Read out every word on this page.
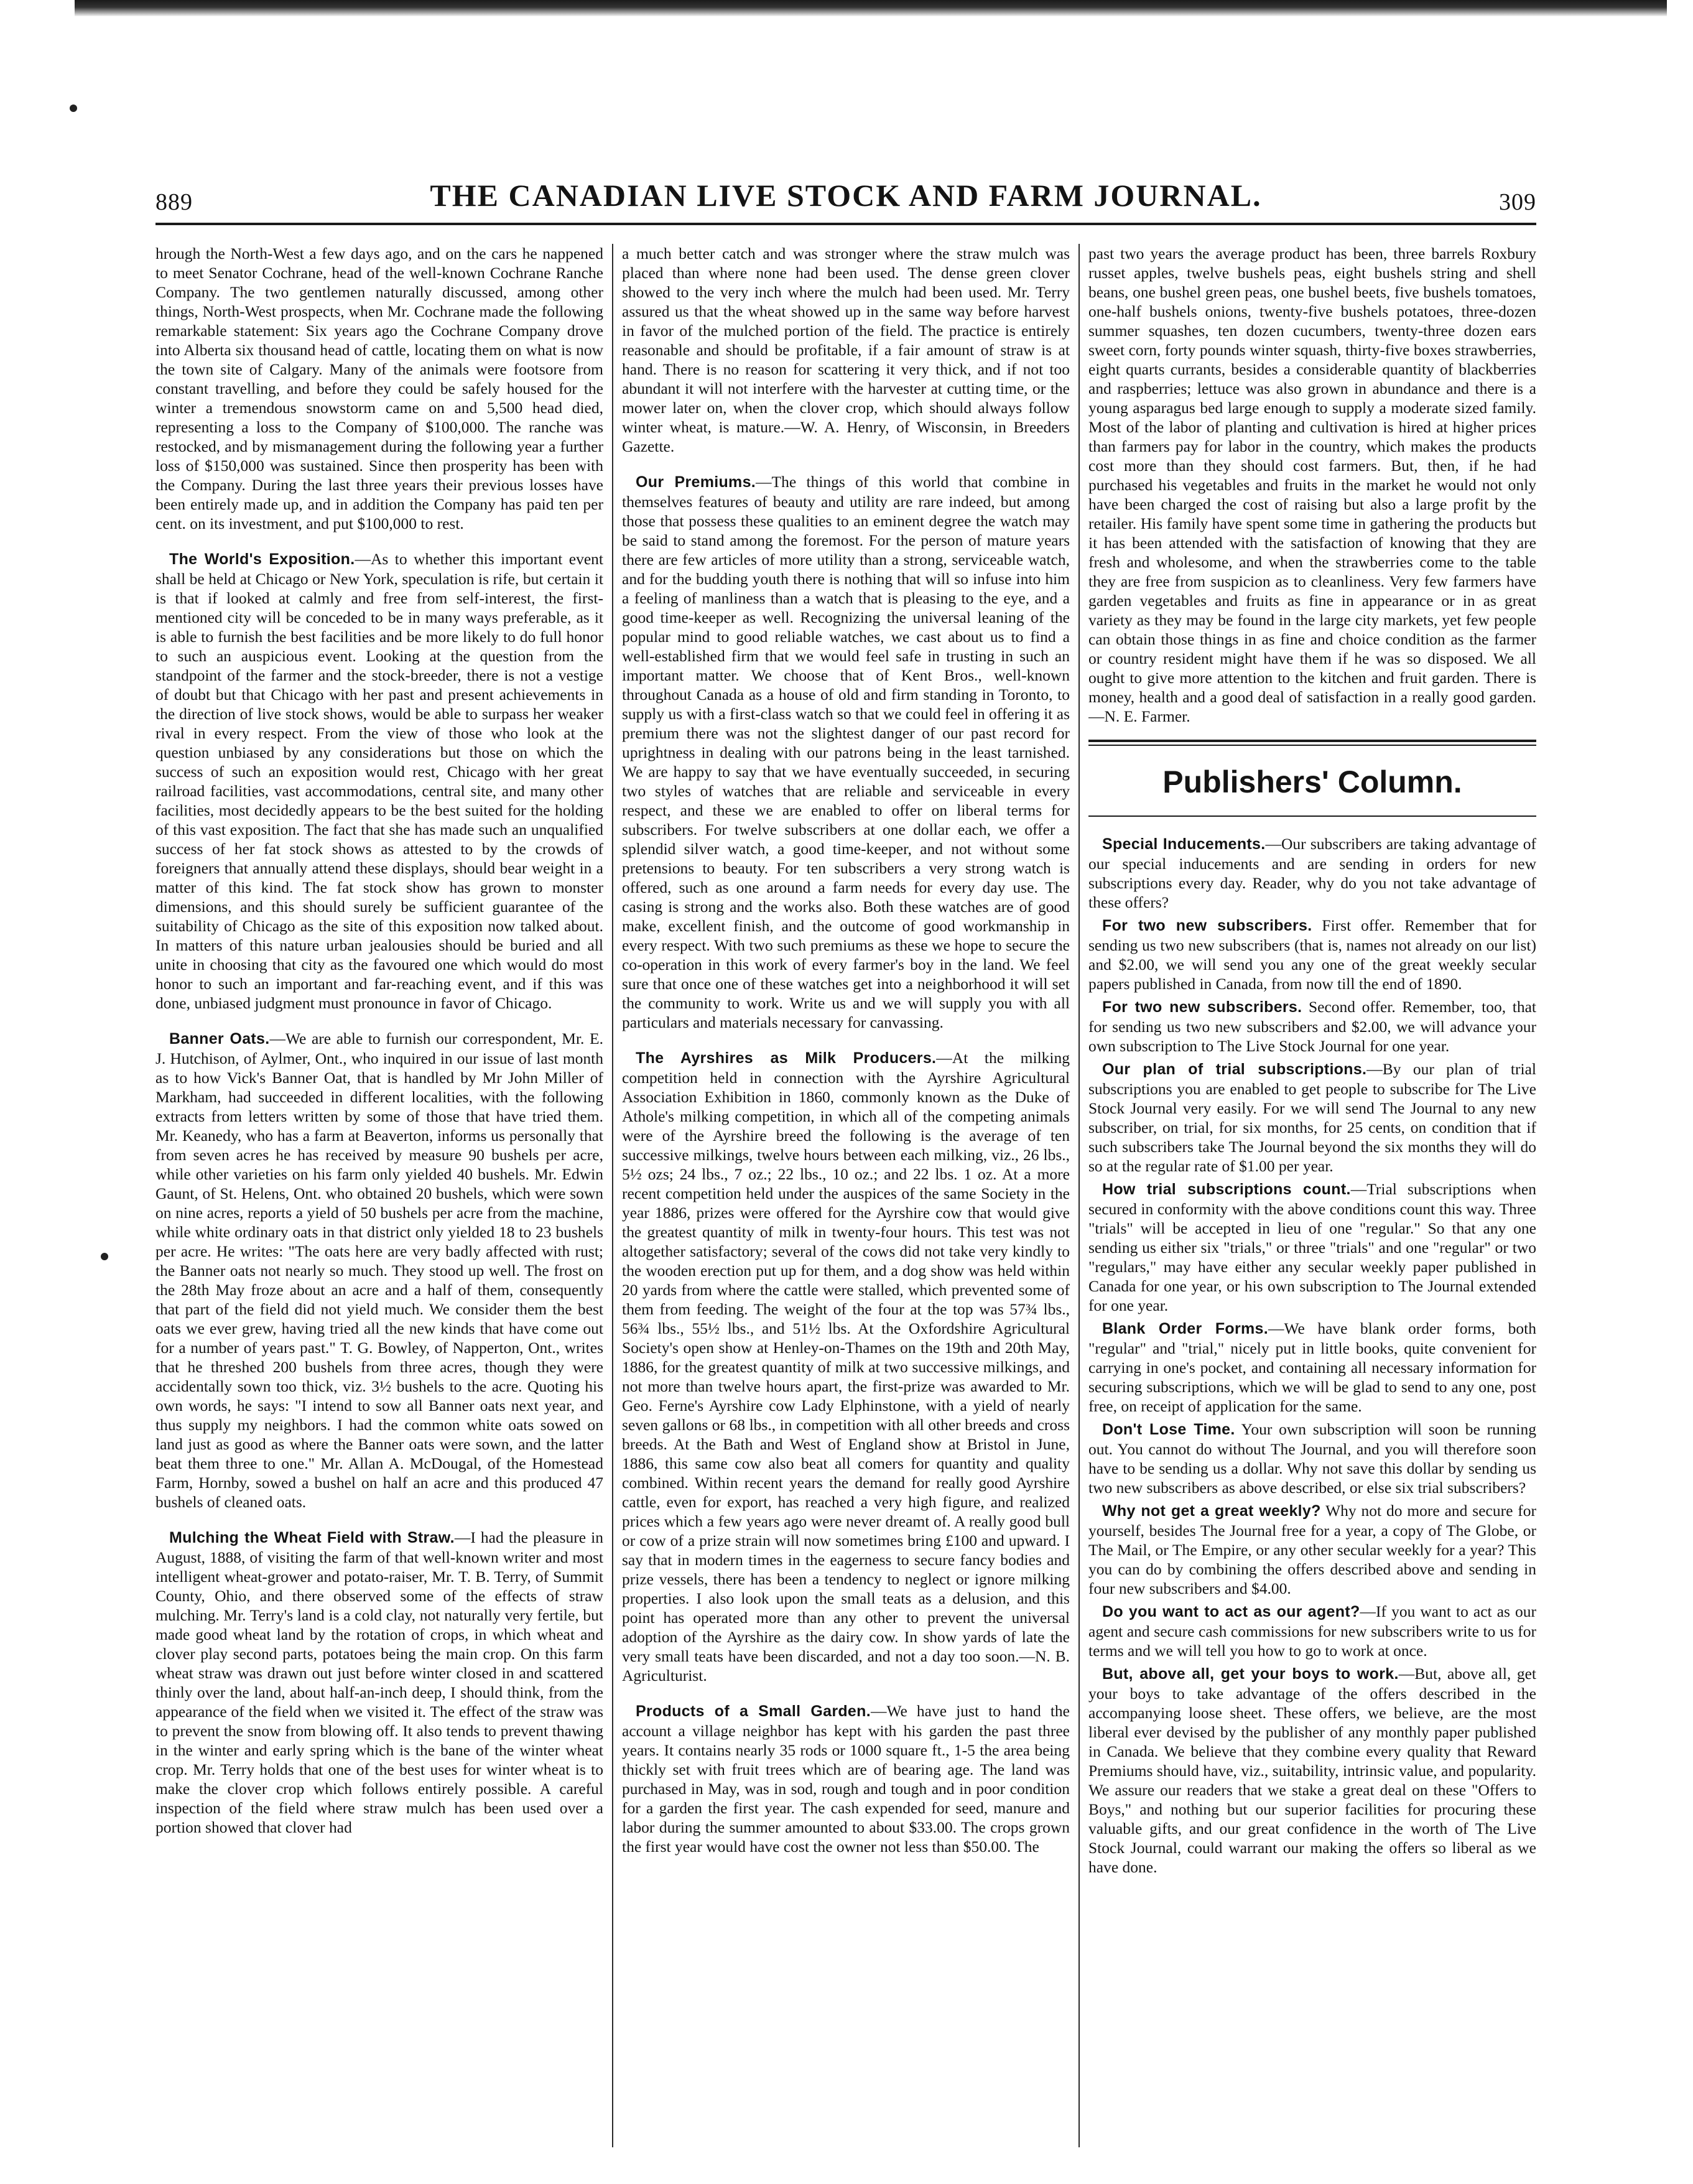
889	THE CANADIAN LIVE STOCK AND FARM JOURNAL.	309

hrough the North-West a few days ago, and on the cars he nappened to meet Senator Cochrane, head of the well-known Cochrane Ranche Company. The two gentlemen naturally discussed, among other things, North-West prospects, when Mr. Cochrane made the following remarkable statement: Six years ago the Cochrane Company drove into Alberta six thousand head of cattle, locating them on what is now the town site of Calgary. Many of the animals were footsore from constant travelling, and before they could be safely housed for the winter a tremendous snowstorm came on and 5,500 head died, representing a loss to the Company of $100,000. The ranche was restocked, and by mismanagement during the following year a further loss of $150,000 was sustained. Since then prosperity has been with the Company. During the last three years their previous losses have been entirely made up, and in addition the Company has paid ten per cent. on its investment, and put $100,000 to rest.

The World's Exposition.—As to whether this important event shall be held at Chicago or New York, speculation is rife, but certain it is that if looked at calmly and free from self-interest, the first-mentioned city will be conceded to be in many ways preferable, as it is able to furnish the best facilities and be more likely to do full honor to such an auspicious event. Looking at the question from the standpoint of the farmer and the stock-breeder, there is not a vestige of doubt but that Chicago with her past and present achievements in the direction of live stock shows, would be able to surpass her weaker rival in every respect. From the view of those who look at the question unbiased by any considerations but those on which the success of such an exposition would rest, Chicago with her great railroad facilities, vast accommodations, central site, and many other facilities, most decidedly appears to be the best suited for the holding of this vast exposition. The fact that she has made such an unqualified success of her fat stock shows as attested to by the crowds of foreigners that annually attend these displays, should bear weight in a matter of this kind. The fat stock show has grown to monster dimensions, and this should surely be sufficient guarantee of the suitability of Chicago as the site of this exposition now talked about. In matters of this nature urban jealousies should be buried and all unite in choosing that city as the favoured one which would do most honor to such an important and far-reaching event, and if this was done, unbiased judgment must pronounce in favor of Chicago.

Banner Oats.—We are able to furnish our correspondent, Mr. E. J. Hutchison, of Aylmer, Ont., who inquired in our issue of last month as to how Vick's Banner Oat, that is handled by Mr John Miller of Markham, had succeeded in different localities, with the following extracts from letters written by some of those that have tried them. Mr. Keanedy, who has a farm at Beaverton, informs us personally that from seven acres he has received by measure 90 bushels per acre, while other varieties on his farm only yielded 40 bushels. Mr. Edwin Gaunt, of St. Helens, Ont. who obtained 20 bushels, which were sown on nine acres, reports a yield of 50 bushels per acre from the machine, while white ordinary oats in that district only yielded 18 to 23 bushels per acre. He writes: "The oats here are very badly affected with rust; the Banner oats not nearly so much. They stood up well. The frost on the 28th May froze about an acre and a half of them, consequently that part of the field did not yield much. We consider them the best oats we ever grew, having tried all the new kinds that have come out for a number of years past." T. G. Bowley, of Napperton, Ont., writes that he threshed 200 bushels from three acres, though they were accidentally sown too thick, viz. 3½ bushels to the acre. Quoting his own words, he says: "I intend to sow all Banner oats next year, and thus supply my neighbors. I had the common white oats sowed on land just as good as where the Banner oats were sown, and the latter beat them three to one." Mr. Allan A. McDougal, of the Homestead Farm, Hornby, sowed a bushel on half an acre and this produced 47 bushels of cleaned oats.

Mulching the Wheat Field with Straw.—I had the pleasure in August, 1888, of visiting the farm of that well-known writer and most intelligent wheat-grower and potato-raiser, Mr. T. B. Terry, of Summit County, Ohio, and there observed some of the effects of straw mulching. Mr. Terry's land is a cold clay, not naturally very fertile, but made good wheat land by the rotation of crops, in which wheat and clover play second parts, potatoes being the main crop. On this farm wheat straw was drawn out just before winter closed in and scattered thinly over the land, about half-an-inch deep, I should think, from the appearance of the field when we visited it. The effect of the straw was to prevent the snow from blowing off. It also tends to prevent thawing in the winter and early spring which is the bane of the winter wheat crop. Mr. Terry holds that one of the best uses for winter wheat is to make the clover crop which follows entirely possible. A careful inspection of the field where straw mulch has been used over a portion showed that clover had

a much better catch and was stronger where the straw mulch was placed than where none had been used. The dense green clover showed to the very inch where the mulch had been used. Mr. Terry assured us that the wheat showed up in the same way before harvest in favor of the mulched portion of the field. The practice is entirely reasonable and should be profitable, if a fair amount of straw is at hand. There is no reason for scattering it very thick, and if not too abundant it will not interfere with the harvester at cutting time, or the mower later on, when the clover crop, which should always follow winter wheat, is mature.—W. A. Henry, of Wisconsin, in Breeders Gazette.

Our Premiums.—The things of this world that combine in themselves features of beauty and utility are rare indeed, but among those that possess these qualities to an eminent degree the watch may be said to stand among the foremost. For the person of mature years there are few articles of more utility than a strong, serviceable watch, and for the budding youth there is nothing that will so infuse into him a feeling of manliness than a watch that is pleasing to the eye, and a good time-keeper as well. Recognizing the universal leaning of the popular mind to good reliable watches, we cast about us to find a well-established firm that we would feel safe in trusting in such an important matter. We choose that of Kent Bros., well-known throughout Canada as a house of old and firm standing in Toronto, to supply us with a first-class watch so that we could feel in offering it as premium there was not the slightest danger of our past record for uprightness in dealing with our patrons being in the least tarnished. We are happy to say that we have eventually succeeded, in securing two styles of watches that are reliable and serviceable in every respect, and these we are enabled to offer on liberal terms for subscribers. For twelve subscribers at one dollar each, we offer a splendid silver watch, a good time-keeper, and not without some pretensions to beauty. For ten subscribers a very strong watch is offered, such as one around a farm needs for every day use. The casing is strong and the works also. Both these watches are of good make, excellent finish, and the outcome of good workmanship in every respect. With two such premiums as these we hope to secure the co-operation in this work of every farmer's boy in the land. We feel sure that once one of these watches get into a neighborhood it will set the community to work. Write us and we will supply you with all particulars and materials necessary for canvassing.

The Ayrshires as Milk Producers.—At the milking competition held in connection with the Ayrshire Agricultural Association Exhibition in 1860, commonly known as the Duke of Athole's milking competition, in which all of the competing animals were of the Ayrshire breed the following is the average of ten successive milkings, twelve hours between each milking, viz., 26 lbs., 5½ ozs; 24 lbs., 7 oz.; 22 lbs., 10 oz.; and 22 lbs. 1 oz. At a more recent competition held under the auspices of the same Society in the year 1886, prizes were offered for the Ayrshire cow that would give the greatest quantity of milk in twenty-four hours. This test was not altogether satisfactory; several of the cows did not take very kindly to the wooden erection put up for them, and a dog show was held within 20 yards from where the cattle were stalled, which prevented some of them from feeding. The weight of the four at the top was 57¾ lbs., 56¾ lbs., 55½ lbs., and 51½ lbs. At the Oxfordshire Agricultural Society's open show at Henley-on-Thames on the 19th and 20th May, 1886, for the greatest quantity of milk at two successive milkings, and not more than twelve hours apart, the first-prize was awarded to Mr. Geo. Ferne's Ayrshire cow Lady Elphinstone, with a yield of nearly seven gallons or 68 lbs., in competition with all other breeds and cross breeds. At the Bath and West of England show at Bristol in June, 1886, this same cow also beat all comers for quantity and quality combined. Within recent years the demand for really good Ayrshire cattle, even for export, has reached a very high figure, and realized prices which a few years ago were never dreamt of. A really good bull or cow of a prize strain will now sometimes bring £100 and upward. I say that in modern times in the eagerness to secure fancy bodies and prize vessels, there has been a tendency to neglect or ignore milking properties. I also look upon the small teats as a delusion, and this point has operated more than any other to prevent the universal adoption of the Ayrshire as the dairy cow. In show yards of late the very small teats have been discarded, and not a day too soon.—N. B. Agriculturist.

Products of a Small Garden.—We have just to hand the account a village neighbor has kept with his garden the past three years. It contains nearly 35 rods or 1000 square ft., 1-5 the area being thickly set with fruit trees which are of bearing age. The land was purchased in May, was in sod, rough and tough and in poor condition for a garden the first year. The cash expended for seed, manure and labor during the summer amounted to about $33.00. The crops grown the first year would have cost the owner not less than $50.00. The

past two years the average product has been, three barrels Roxbury russet apples, twelve bushels peas, eight bushels string and shell beans, one bushel green peas, one bushel beets, five bushels tomatoes, one-half bushels onions, twenty-five bushels potatoes, three-dozen summer squashes, ten dozen cucumbers, twenty-three dozen ears sweet corn, forty pounds winter squash, thirty-five boxes strawberries, eight quarts currants, besides a considerable quantity of blackberries and raspberries; lettuce was also grown in abundance and there is a young asparagus bed large enough to supply a moderate sized family. Most of the labor of planting and cultivation is hired at higher prices than farmers pay for labor in the country, which makes the products cost more than they should cost farmers. But, then, if he had purchased his vegetables and fruits in the market he would not only have been charged the cost of raising but also a large profit by the retailer. His family have spent some time in gathering the products but it has been attended with the satisfaction of knowing that they are fresh and wholesome, and when the strawberries come to the table they are free from suspicion as to cleanliness. Very few farmers have garden vegetables and fruits as fine in appearance or in as great variety as they may be found in the large city markets, yet few people can obtain those things in as fine and choice condition as the farmer or country resident might have them if he was so disposed. We all ought to give more attention to the kitchen and fruit garden. There is money, health and a good deal of satisfaction in a really good garden.—N. E. Farmer.

Publishers' Column.

Special Inducements.—Our subscribers are taking advantage of our special inducements and are sending in orders for new subscriptions every day. Reader, why do you not take advantage of these offers?

For two new subscribers. First offer. Remember that for sending us two new subscribers (that is, names not already on our list) and $2.00, we will send you any one of the great weekly secular papers published in Canada, from now till the end of 1890.

For two new subscribers. Second offer. Remember, too, that for sending us two new subscribers and $2.00, we will advance your own subscription to The Live Stock Journal for one year.

Our plan of trial subscriptions.—By our plan of trial subscriptions you are enabled to get people to subscribe for The Live Stock Journal very easily. For we will send The Journal to any new subscriber, on trial, for six months, for 25 cents, on condition that if such subscribers take The Journal beyond the six months they will do so at the regular rate of $1.00 per year.

How trial subscriptions count.—Trial subscriptions when secured in conformity with the above conditions count this way. Three "trials" will be accepted in lieu of one "regular." So that any one sending us either six "trials," or three "trials" and one "regular" or two "regulars," may have either any secular weekly paper published in Canada for one year, or his own subscription to The Journal extended for one year.

Blank Order Forms.—We have blank order forms, both "regular" and "trial," nicely put in little books, quite convenient for carrying in one's pocket, and containing all necessary information for securing subscriptions, which we will be glad to send to any one, post free, on receipt of application for the same.

Don't Lose Time. Your own subscription will soon be running out. You cannot do without The Journal, and you will therefore soon have to be sending us a dollar. Why not save this dollar by sending us two new subscribers as above described, or else six trial subscribers?

Why not get a great weekly? Why not do more and secure for yourself, besides The Journal free for a year, a copy of The Globe, or The Mail, or The Empire, or any other secular weekly for a year? This you can do by combining the offers described above and sending in four new subscribers and $4.00.

Do you want to act as our agent?—If you want to act as our agent and secure cash commissions for new subscribers write to us for terms and we will tell you how to go to work at once.

But, above all, get your boys to work.—But, above all, get your boys to take advantage of the offers described in the accompanying loose sheet. These offers, we believe, are the most liberal ever devised by the publisher of any monthly paper published in Canada. We believe that they combine every quality that Reward Premiums should have, viz., suitability, intrinsic value, and popularity. We assure our readers that we stake a great deal on these "Offers to Boys," and nothing but our superior facilities for procuring these valuable gifts, and our great confidence in the worth of The Live Stock Journal, could warrant our making the offers so liberal as we have done.
